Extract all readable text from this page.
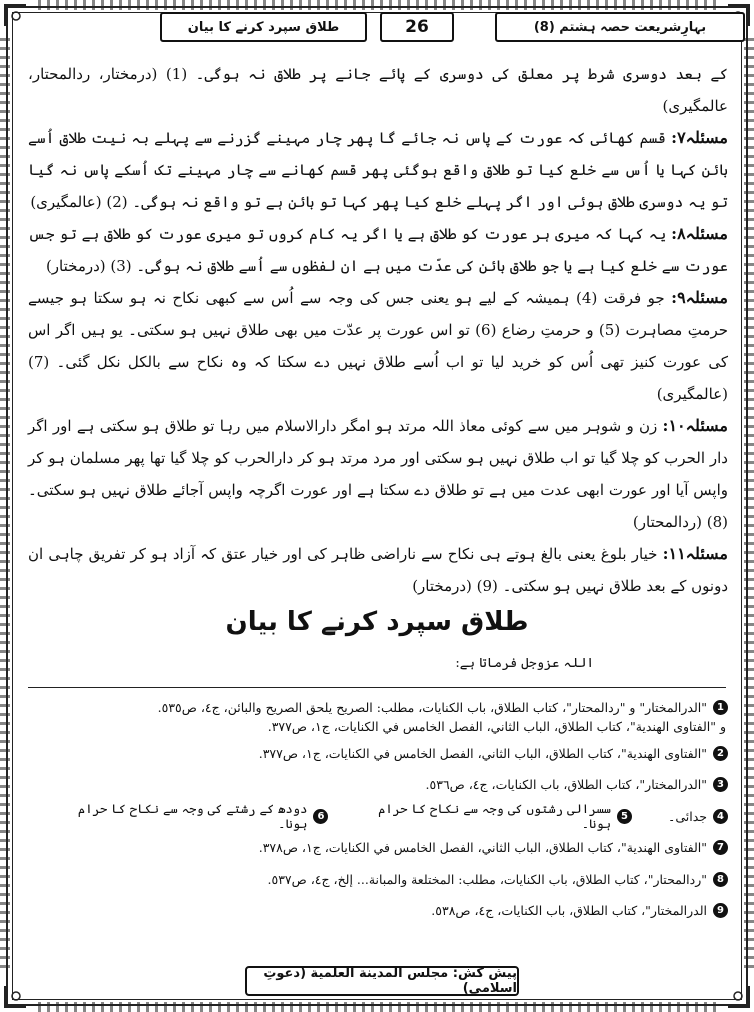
طلاق سپرد کرنے کا بیان	26	بہارِشریعت حصہ ہشتم (8)

کے بعد دوسری شرط پر معلق کی دوسری کے پائے جانے پر طلاق نہ ہوگی۔ (1) (درمختار، ردالمحتار، عالمگیری)

مسئلہ۷: قسم کھائی کہ عورت کے پاس نہ جائے گا پھر چار مہینے گزرنے سے پہلے بہ نیت طلاق اُسے بائن کہا یا اُس سے خلع کیا تو طلاق واقع ہوگئی پھر قسم کھانے سے چار مہینے تک اُسکے پاس نہ گیا تو یہ دوسری طلاق ہوئی اور اگر پہلے خلع کیا پھر کہا تو بائن ہے تو واقع نہ ہوگی۔ (2) (عالمگیری)

مسئلہ۸: یہ کہا کہ میری ہر عورت کو طلاق ہے یا اگر یہ کام کروں تو میری عورت کو طلاق ہے تو جس عورت سے خلع کیا ہے یا جو طلاق بائن کی عدّت میں ہے ان لفظوں سے اُسے طلاق نہ ہوگی۔ (3) (درمختار)

مسئلہ۹: جو فرقت (4) ہمیشہ کے لیے ہو یعنی جس کی وجہ سے اُس سے کبھی نکاح نہ ہو سکتا ہو جیسے حرمتِ مصاہرت (5) و حرمتِ رضاع (6) تو اس عورت پر عدّت میں بھی طلاق نہیں ہو سکتی۔ یو ہیں اگر اس کی عورت کنیز تھی اُس کو خرید لیا تو اب اُسے طلاق نہیں دے سکتا کہ وہ نکاح سے بالکل نکل گئی۔ (7) (عالمگیری)

مسئلہ۱۰: زن و شوہر میں سے کوئی معاذ اللہ مرتد ہو امگر دارالاسلام میں رہا تو طلاق ہو سکتی ہے اور اگر دار الحرب کو چلا گیا تو اب طلاق نہیں ہو سکتی اور مرد مرتد ہو کر دارالحرب کو چلا گیا تھا پھر مسلمان ہو کر واپس آیا اور عورت ابھی عدت میں ہے تو طلاق دے سکتا ہے اور عورت اگرچہ واپس آجائے طلاق نہیں ہو سکتی۔ (8) (ردالمحتار)

مسئلہ۱۱: خیار بلوغ یعنی بالغ ہوتے ہی نکاح سے ناراضی ظاہر کی اور خیار عتق کہ آزاد ہو کر تفریق چاہی ان دونوں کے بعد طلاق نہیں ہو سکتی۔ (9) (درمختار)

طلاق سپرد کرنے کا بیان
اللہ عزوجل فرماتا ہے:
1
"الدرالمختار" و "ردالمحتار"، كتاب الطلاق، باب الكنايات، مطلب: الصريح يلحق الصريح والبائن، ج٤، ص٥٣٥.
و "الفتاوى الهندية"، كتاب الطلاق، الباب الثاني، الفصل الخامس في الكنايات، ج١، ص٣٧٧.
2
"الفتاوى الهندية"، كتاب الطلاق، الباب الثاني، الفصل الخامس في الكنايات، ج١، ص٣٧٧.
3
"الدرالمختار"، كتاب الطلاق، باب الكنايات، ج٤، ص٥٣٦.
4
جدائی۔
5
سسرالی رشتوں کی وجہ سے نکاح کا حرام ہونا۔
6
دودھ کے رشتے کی وجہ سے نکاح کا حرام ہونا۔
7
"الفتاوى الهندية"، كتاب الطلاق، الباب الثاني، الفصل الخامس في الكنايات، ج١، ص٣٧٨.
8
"ردالمحتار"، كتاب الطلاق، باب الكنايات، مطلب: المختلعة والمبانة... إلخ، ج٤، ص٥٣٧.
9
الدرالمختار"، كتاب الطلاق، باب الكنايات، ج٤، ص٥٣٨.
پیش کش: مجلس المدينة العلمية (دعوتِ اسلامی)
